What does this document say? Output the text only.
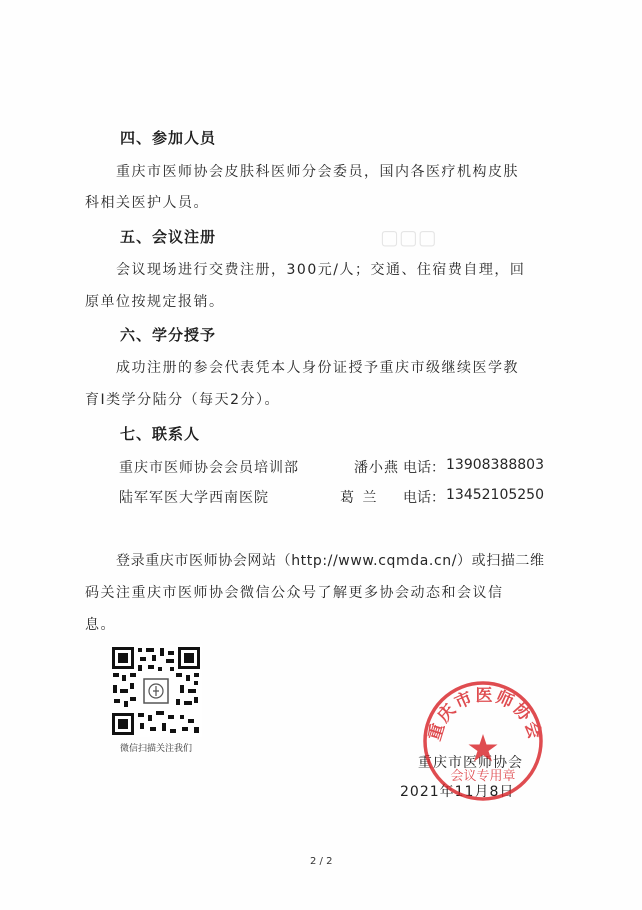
▢▢▢
四、参加人员
重庆市医师协会皮肤科医师分会委员，国内各医疗机构皮肤
科相关医护人员。
五、会议注册
会议现场进行交费注册，300元/人；交通、住宿费自理，回
原单位按规定报销。
六、学分授予
成功注册的参会代表凭本人身份证授予重庆市级继续医学教
育Ⅰ类学分陆分（每天2分）。
七、联系人
重庆市医师协会会员培训部	潘小燕 电话： 13908388803
陆军军医大学西南医院	葛 兰 电话： 13452105250
登录重庆市医师协会网站（http://www.cqmda.cn/）或扫描二维
码关注重庆市医师协会微信公众号了解更多协会动态和会议信
息。
微信扫描关注我们
重庆市医师协会
2021年11月8日
重庆市医师协会
会议专用章
2 / 2
